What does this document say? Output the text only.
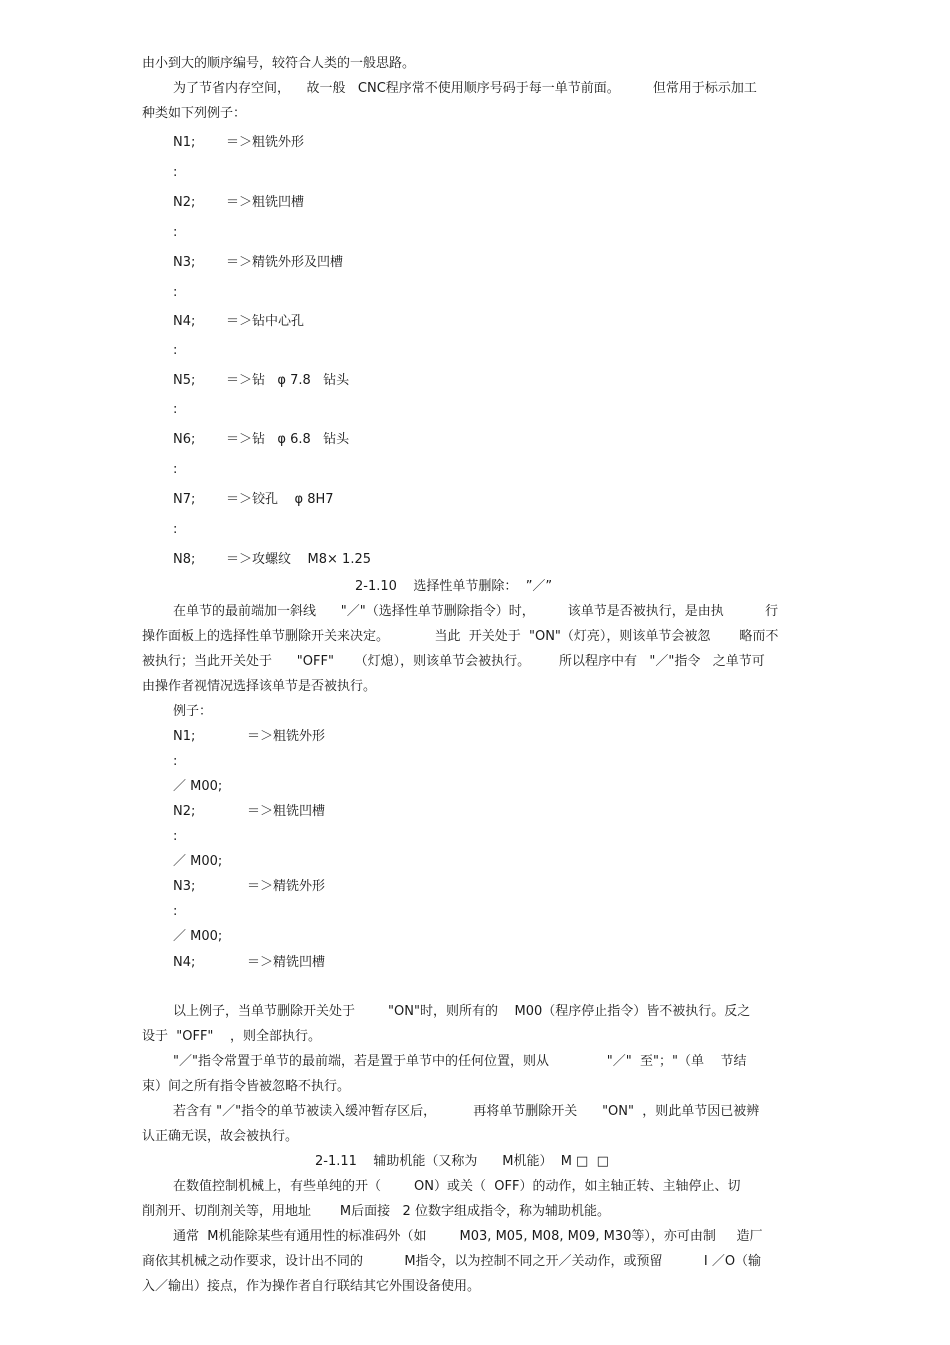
由小到大的顺序编号，较符合人类的一般思路。
为了节省内存空间，    故一般   CNC程序常不使用顺序号码于每一单节前面。        但常用于标示加工
种类如下列例子：
N1; ＝＞粗铣外形
:
N2; ＝＞粗铣凹槽
:
N3; ＝＞精铣外形及凹槽
:
N4; ＝＞钻中心孔
:
N5; ＝＞钻   φ 7.8   钻头
:
N6; ＝＞钻   φ 6.8   钻头
:
N7; ＝＞铰孔    φ 8H7
:
N8; ＝＞攻螺纹    M8× 1.25
2-1.10    选择性单节删除：  ”／”
在单节的最前端加一斜线      "／"（选择性单节删除指令）时，        该单节是否被执行，是由执          行
操作面板上的选择性单节删除开关来决定。           当此  开关处于  "ON"（灯亮），则该单节会被忽       略而不
被执行；当此开关处于      "OFF"     （灯熄），则该单节会被执行。       所以程序中有   "／"指令   之单节可
由操作者视情况选择该单节是否被执行。
例子：
N1;	＝＞粗铣外形
:
／ M00;
N2;	＝＞粗铣凹槽
:
／ M00;
N3;	＝＞精铣外形
:
／ M00;
N4;	＝＞精铣凹槽
以上例子，当单节删除开关处于        "ON"时，则所有的    M00（程序停止指令）皆不被执行。反之
设于  "OFF"    ，则全部执行。
"／"指令常置于单节的最前端，若是置于单节中的任何位置，则从              "／"  至"；"（单    节结
束）间之所有指令皆被忽略不执行。
若含有 "／"指令的单节被读入缓冲暂存区后，         再将单节删除开关      "ON"  ，则此单节因已被辨
认正确无误，故会被执行。
2-1.11    辅助机能（又称为      M机能）  M □  □
在数值控制机械上，有些单纯的开（        ON）或关（  OFF）的动作，如主轴正转、主轴停止、切
削剂开、切削剂关等，用地址       M后面接   2 位数字组成指令，称为辅助机能。
通常  M机能除某些有通用性的标准码外（如        M03, M05, M08, M09, M30等），亦可由制     造厂
商依其机械之动作要求，设计出不同的          M指令，以为控制不同之开／关动作，或预留          I ／O（输
入／输出）接点，作为操作者自行联结其它外围设备使用。
